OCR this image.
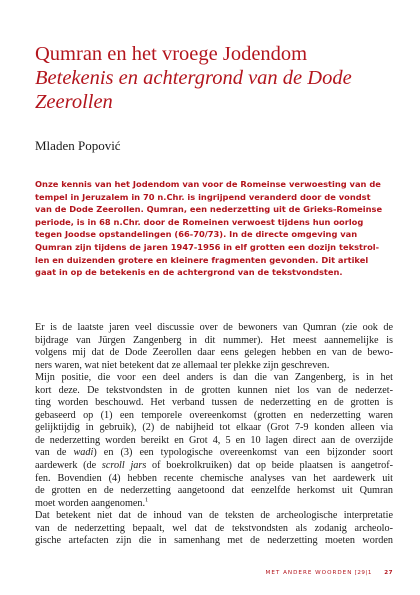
Qumran en het vroege Jodendom

Betekenis en achtergrond van de Dode

Zeerollen

Mladen Popović

Onze kennis van het Jodendom van voor de Romeinse verwoesting van de
tempel in Jeruzalem in 70 n.Chr. is ingrijpend veranderd door de vondst
van de Dode Zeerollen. Qumran, een nederzetting uit de Grieks-Romeinse
periode, is in 68 n.Chr. door de Romeinen verwoest tijdens hun oorlog
tegen Joodse opstandelingen (66-70/73). In de directe omgeving van
Qumran zijn tijdens de jaren 1947-1956 in elf grotten een dozijn tekstrol-
len en duizenden grotere en kleinere fragmenten gevonden. Dit artikel
gaat in op de betekenis en de achtergrond van de tekstvondsten.
Er is de laatste jaren veel discussie over de bewoners van Qumran (zie ook de
bijdrage van Jürgen Zangenberg in dit nummer). Het meest aannemelijke is
volgens mij dat de Dode Zeerollen daar eens gelegen hebben en van de bewo-
ners waren, wat niet betekent dat ze allemaal ter plekke zijn geschreven.
Mijn positie, die voor een deel anders is dan die van Zangenberg, is in het
kort deze. De tekstvondsten in de grotten kunnen niet los van de nederzet-
ting worden beschouwd. Het verband tussen de nederzetting en de grotten is
gebaseerd op (1) een temporele overeenkomst (grotten en nederzetting waren
gelijktijdig in gebruik), (2) de nabijheid tot elkaar (Grot 7-9 konden alleen via
de nederzetting worden bereikt en Grot 4, 5 en 10 lagen direct aan de overzijde
van de wadi) en (3) een typologische overeenkomst van een bijzonder soort
aardewerk (de scroll jars of boekrolkruiken) dat op beide plaatsen is aangetrof-
fen. Bovendien (4) hebben recente chemische analyses van het aardewerk uit
de grotten en de nederzetting aangetoond dat eenzelfde herkomst uit Qumran
moet worden aangenomen.$^1$
Dat betekent niet dat de inhoud van de teksten de archeologische interpretatie
van de nederzetting bepaalt, wel dat de tekstvondsten als zodanig archeolo-
gische artefacten zijn die in samenhang met de nederzetting moeten worden
MET ANDERE WOORDEN [29|1 27
